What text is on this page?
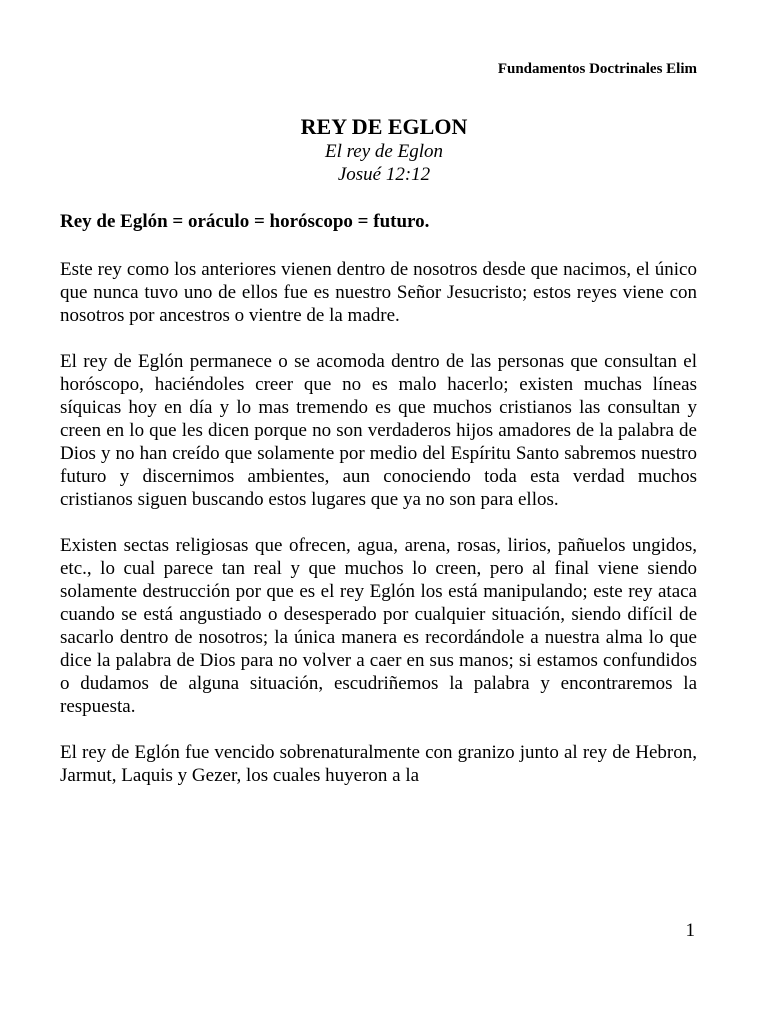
Fundamentos Doctrinales Elim

REY DE EGLON

El rey de Eglon

Josué 12:12

Rey de Eglón = oráculo = horóscopo = futuro.

Este rey como los anteriores vienen dentro de nosotros desde que nacimos, el único que nunca tuvo uno de ellos fue es nuestro Señor Jesucristo; estos reyes viene con nosotros por ancestros o vientre de la madre.

El rey de Eglón permanece o se acomoda dentro de las personas que consultan el horóscopo, haciéndoles creer que no es malo hacerlo; existen muchas líneas síquicas hoy en día y lo mas tremendo es que muchos cristianos las consultan y creen en lo que les dicen porque no son verdaderos hijos amadores de la palabra de Dios y no han creído que solamente por medio del Espíritu Santo sabremos nuestro futuro y discernimos ambientes, aun conociendo toda esta verdad muchos cristianos siguen buscando estos lugares que ya no son para ellos.

Existen sectas religiosas que ofrecen, agua, arena, rosas, lirios, pañuelos ungidos, etc., lo cual parece tan real y que muchos lo creen, pero al final viene siendo solamente destrucción por que es el rey Eglón los está manipulando; este rey ataca cuando se está angustiado o desesperado por cualquier situación, siendo difícil de sacarlo dentro de nosotros; la única manera es recordándole a nuestra alma lo que dice la palabra de Dios para no volver a caer en sus manos; si estamos confundidos o dudamos de alguna situación, escudriñemos la palabra y encontraremos la respuesta.

El rey de Eglón fue vencido sobrenaturalmente con granizo junto al rey de Hebron, Jarmut, Laquis y Gezer, los cuales huyeron a la

1
